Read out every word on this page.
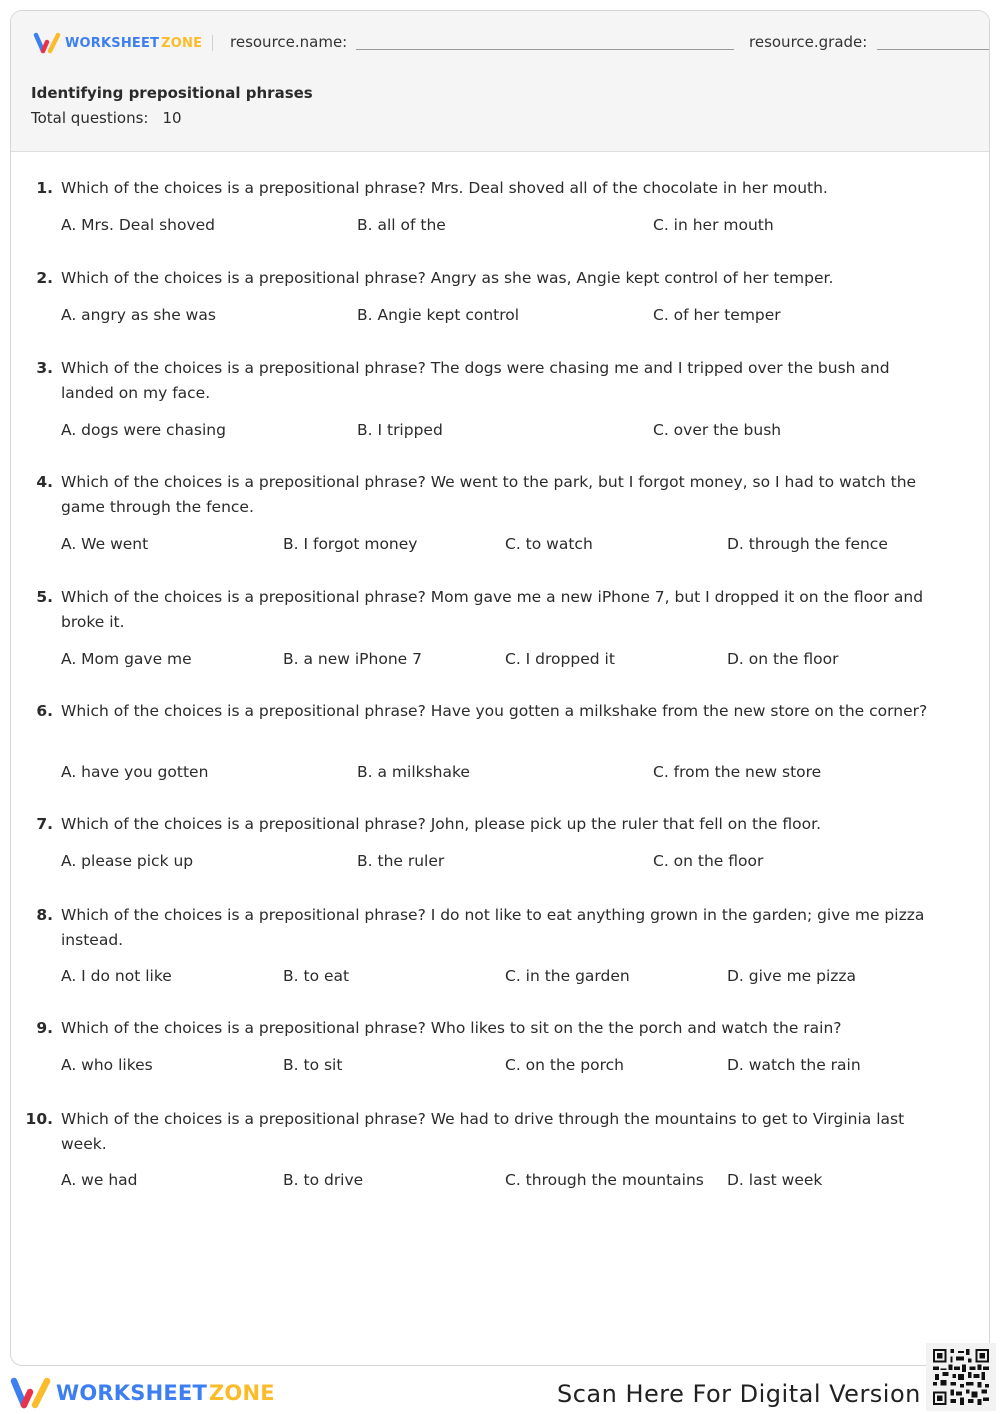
WORKSHEET ZONE resource.name:	resource.grade:
Identifying prepositional phrases
Total questions: 10
1. Which of the choices is a prepositional phrase? Mrs. Deal shoved all of the chocolate in her mouth.
A. Mrs. Deal shoved	B. all of the	C. in her mouth
2. Which of the choices is a prepositional phrase? Angry as she was, Angie kept control of her temper.
A. angry as she was	B. Angie kept control	C. of her temper
3. Which of the choices is a prepositional phrase? The dogs were chasing me and I tripped over the bush and landed on my face.
A. dogs were chasing	B. I tripped	C. over the bush
4. Which of the choices is a prepositional phrase? We went to the park, but I forgot money, so I had to watch the game through the fence.
A. We went	B. I forgot money	C. to watch	D. through the fence
5. Which of the choices is a prepositional phrase? Mom gave me a new iPhone 7, but I dropped it on the floor and broke it.
A. Mom gave me	B. a new iPhone 7	C. I dropped it	D. on the floor
6. Which of the choices is a prepositional phrase? Have you gotten a milkshake from the new store on the corner?
A. have you gotten	B. a milkshake	C. from the new store
7. Which of the choices is a prepositional phrase? John, please pick up the ruler that fell on the floor.
A. please pick up	B. the ruler	C. on the floor
8. Which of the choices is a prepositional phrase? I do not like to eat anything grown in the garden; give me pizza instead.
A. I do not like	B. to eat	C. in the garden	D. give me pizza
9. Which of the choices is a prepositional phrase? Who likes to sit on the the porch and watch the rain?
A. who likes	B. to sit	C. on the porch	D. watch the rain
10. Which of the choices is a prepositional phrase? We had to drive through the mountains to get to Virginia last week.
A. we had	B. to drive	C. through the mountains D. last week
WORKSHEET ZONE	Scan Here For Digital Version
